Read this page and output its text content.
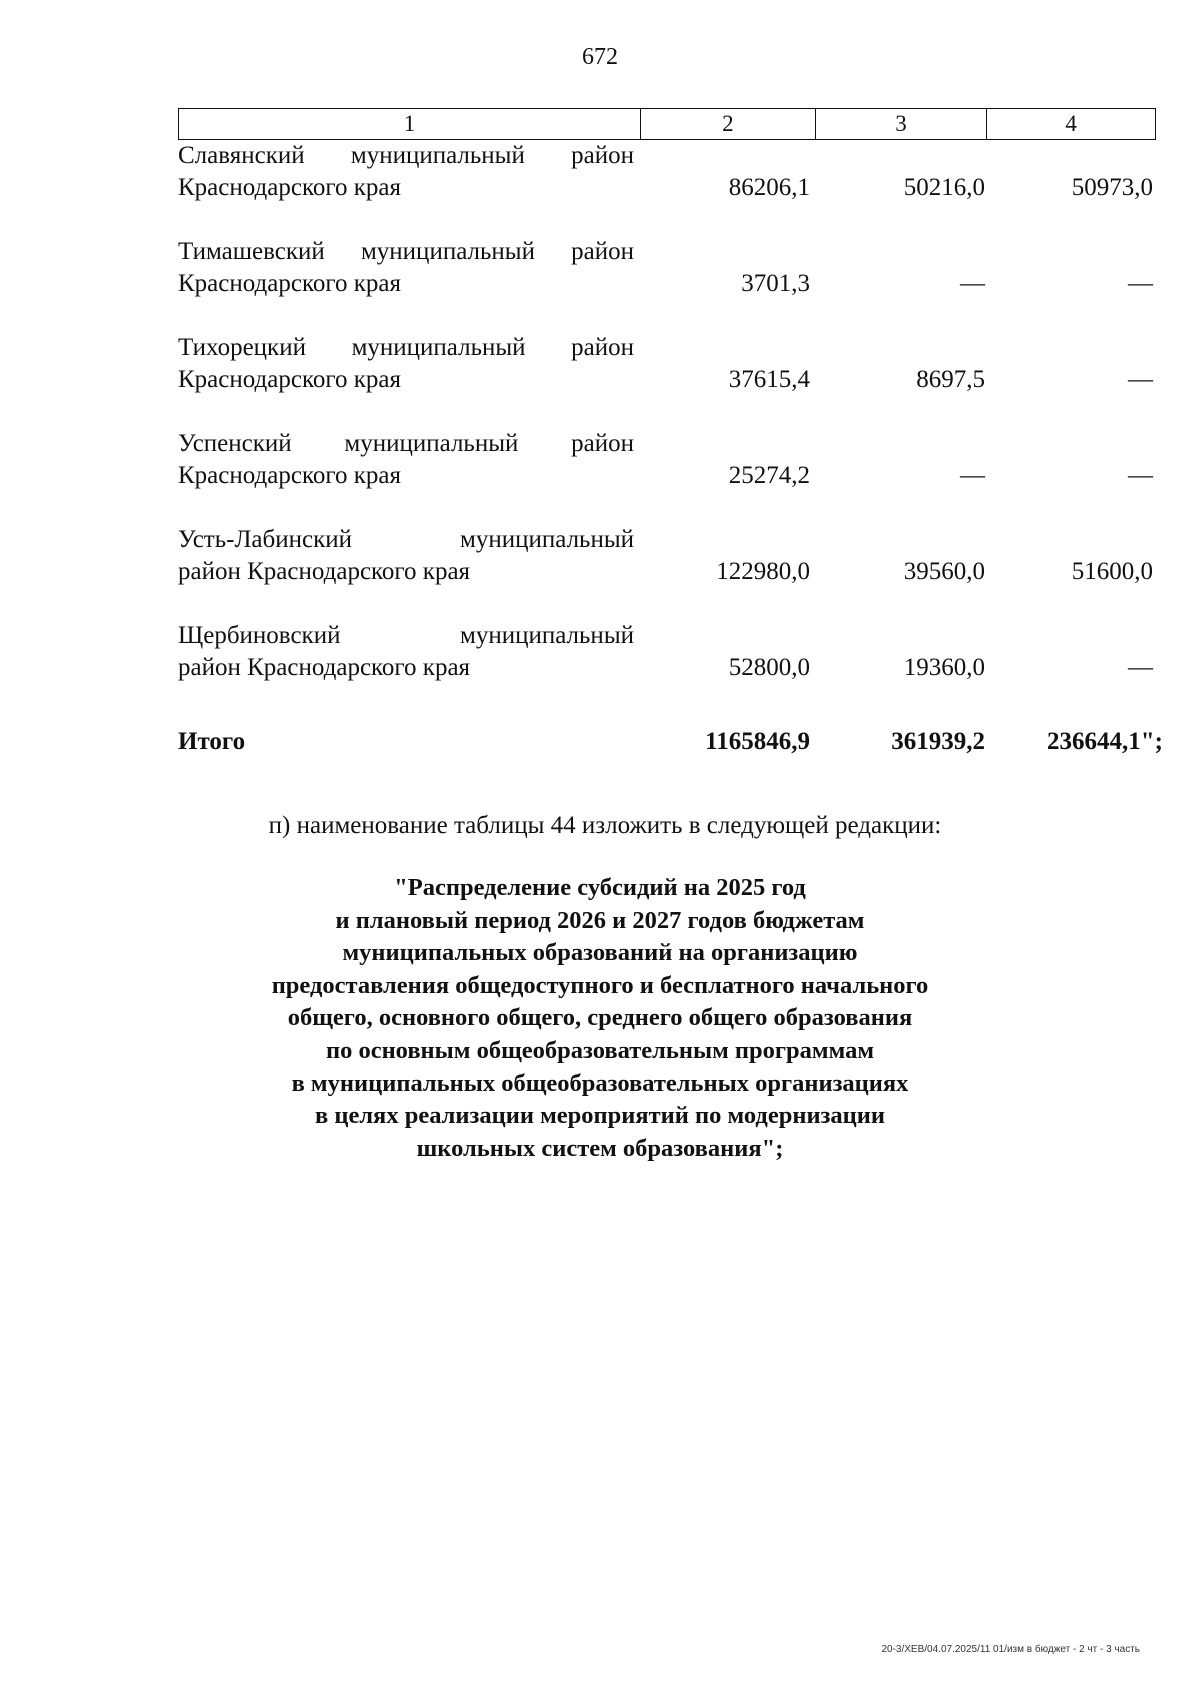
672
1	2	3	4
Славянский муниципальный район
Краснодарского края	86206,1	50216,0	50973,0
Тимашевский муниципальный район
Краснодарского края	3701,3	—	—
Тихорецкий муниципальный район
Краснодарского края	37615,4	8697,5	—
Успенский муниципальный район
Краснодарского края	25274,2	—	—
Усть-Лабинский муниципальный
район Краснодарского края	122980,0	39560,0	51600,0
Щербиновский муниципальный
район Краснодарского края	52800,0	19360,0	—
Итого	1165846,9	361939,2	236644,1";
п) наименование таблицы 44 изложить в следующей редакции:
"Распределение субсидий на 2025 год
и плановый период 2026 и 2027 годов бюджетам
муниципальных образований на организацию
предоставления общедоступного и бесплатного начального
общего, основного общего, среднего общего образования
по основным общеобразовательным программам
в муниципальных общеобразовательных организациях
в целях реализации мероприятий по модернизации
школьных систем образования";
20-3/XEB/04.07.2025/11 01/изм в бюджет - 2 чт - 3 часть
